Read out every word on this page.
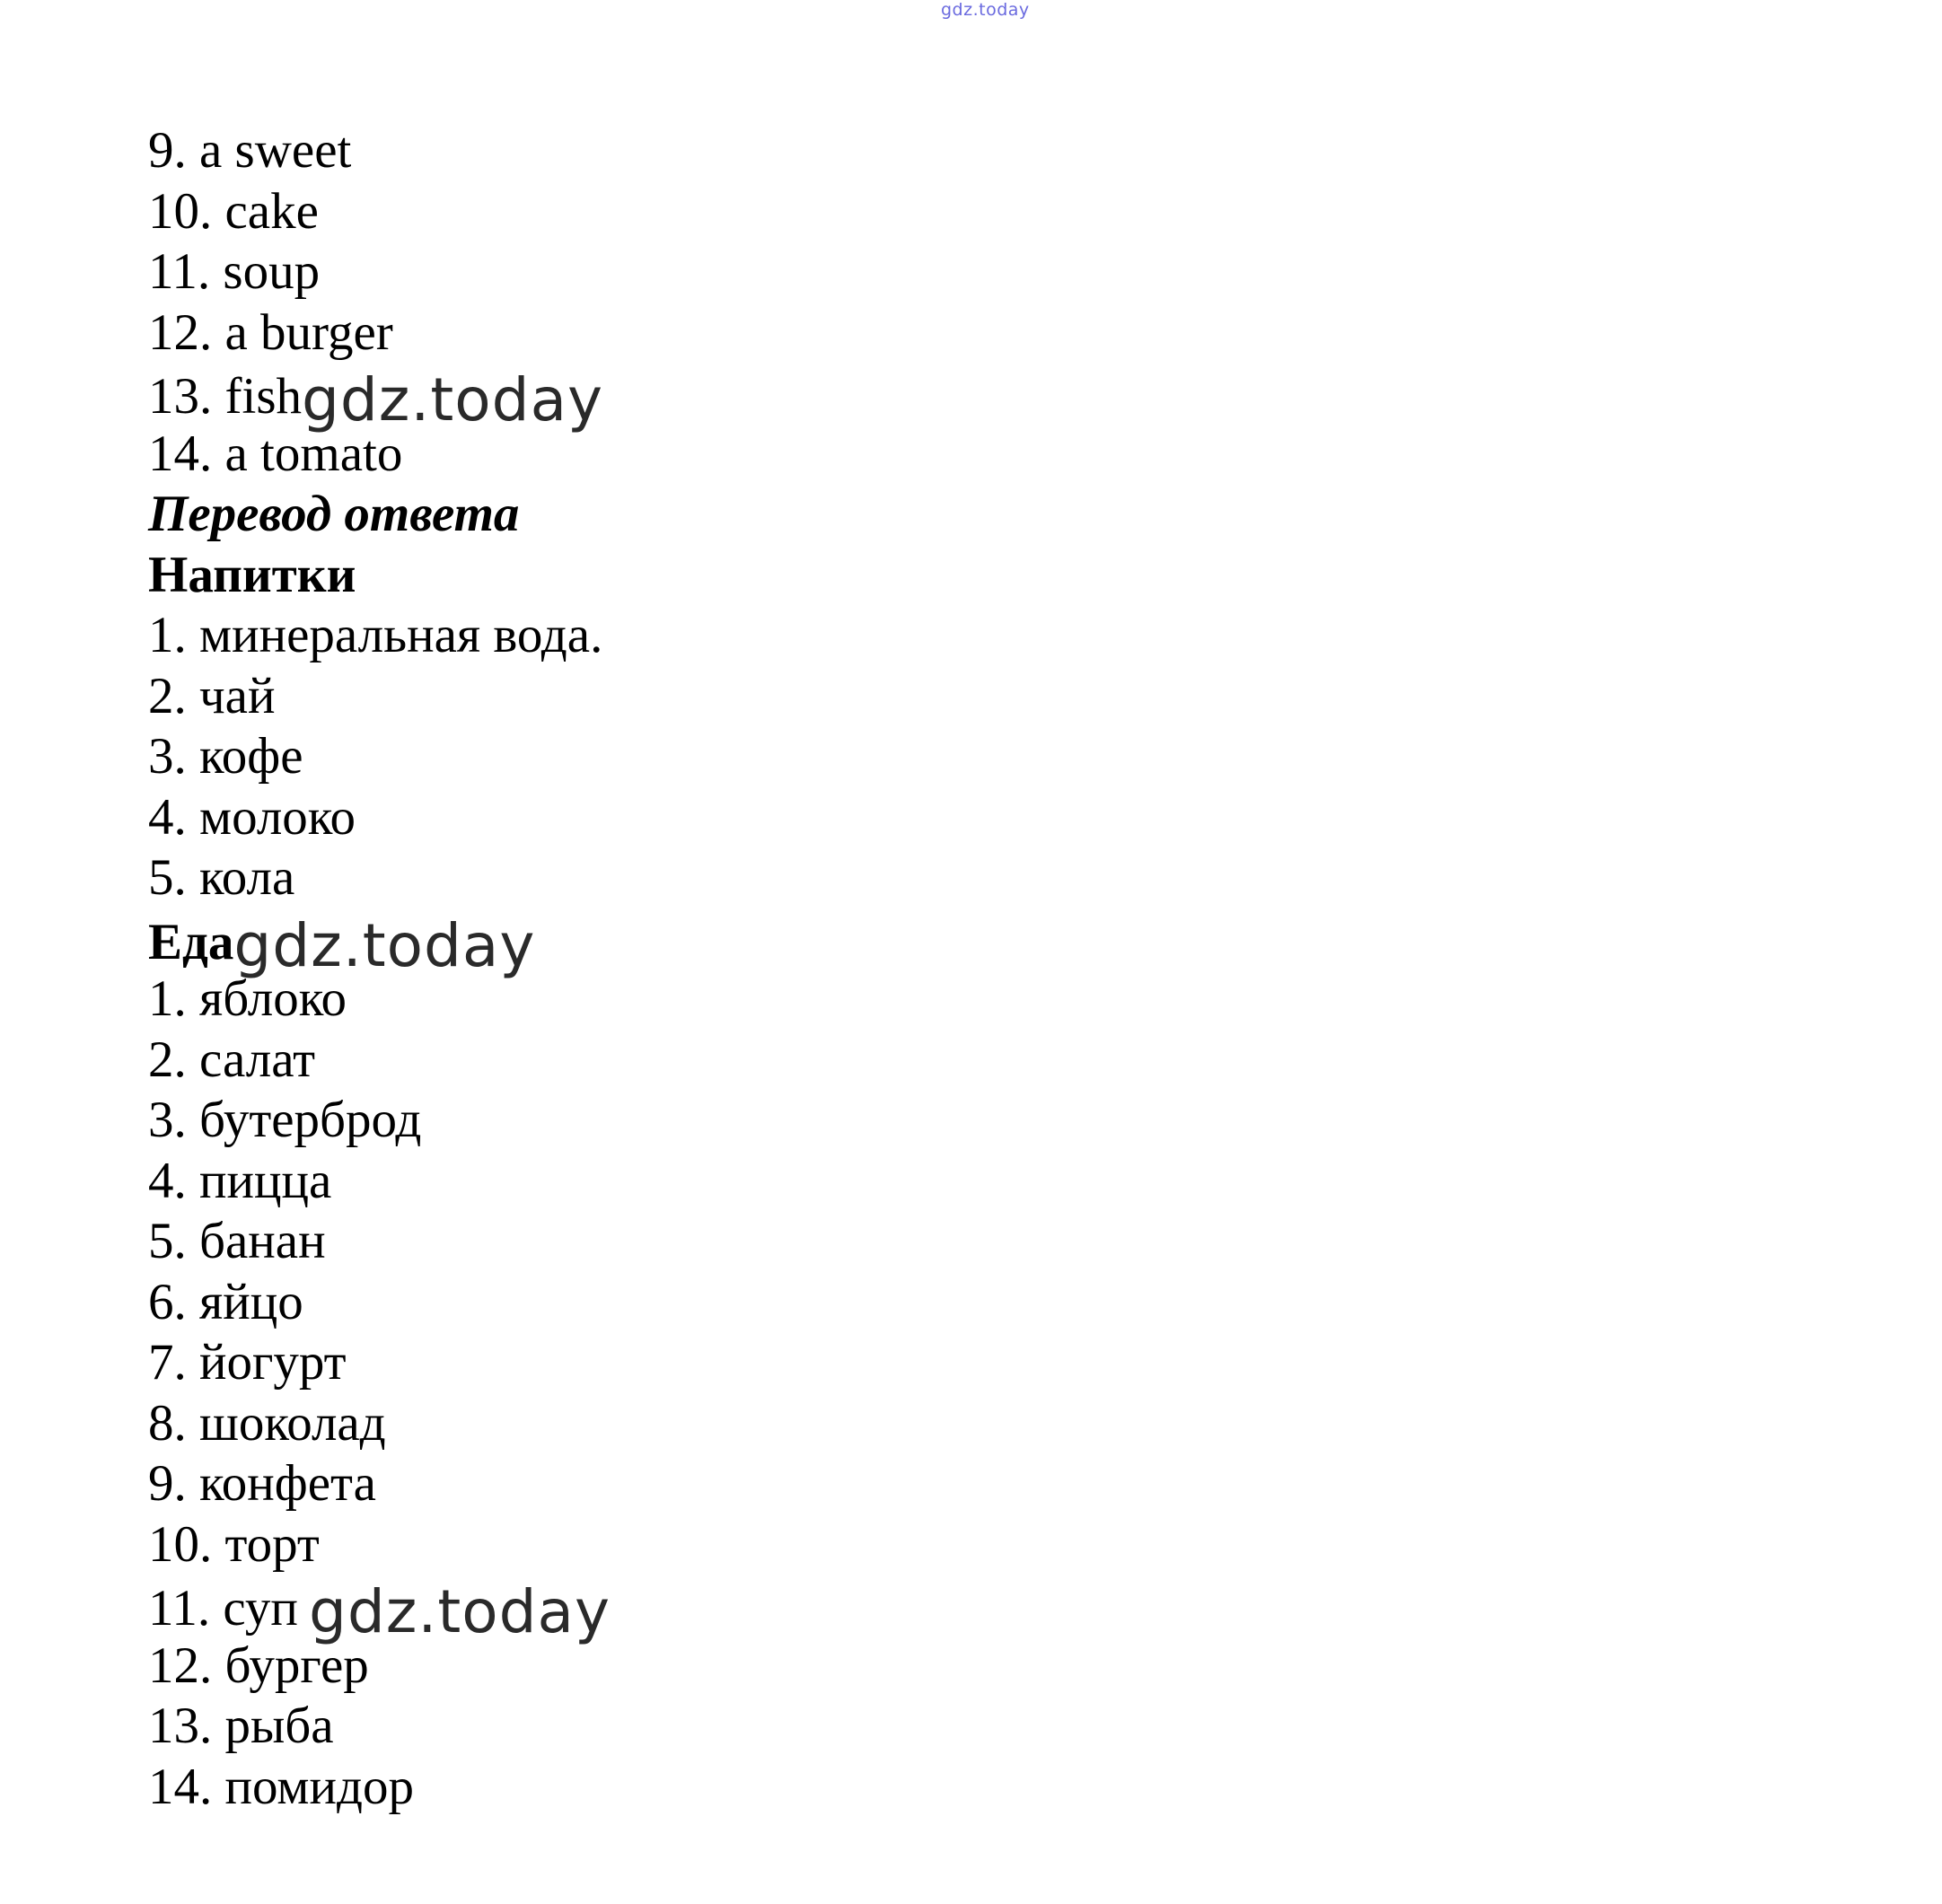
gdz.today
9. a sweet
10. cake
11. soup
12. a burger
13. fishgdz.today
14. a tomato
Перевод ответа
Напитки
1. минеральная вода.
2. чай
3. кофе
4. молоко
5. кола
Едаgdz.today
1. яблоко
2. салат
3. бутерброд
4. пицца
5. банан
6. яйцо
7. йогурт
8. шоколад
9. конфета
10. торт
11. суп gdz.today
12. бургер
13. рыба
14. помидор
